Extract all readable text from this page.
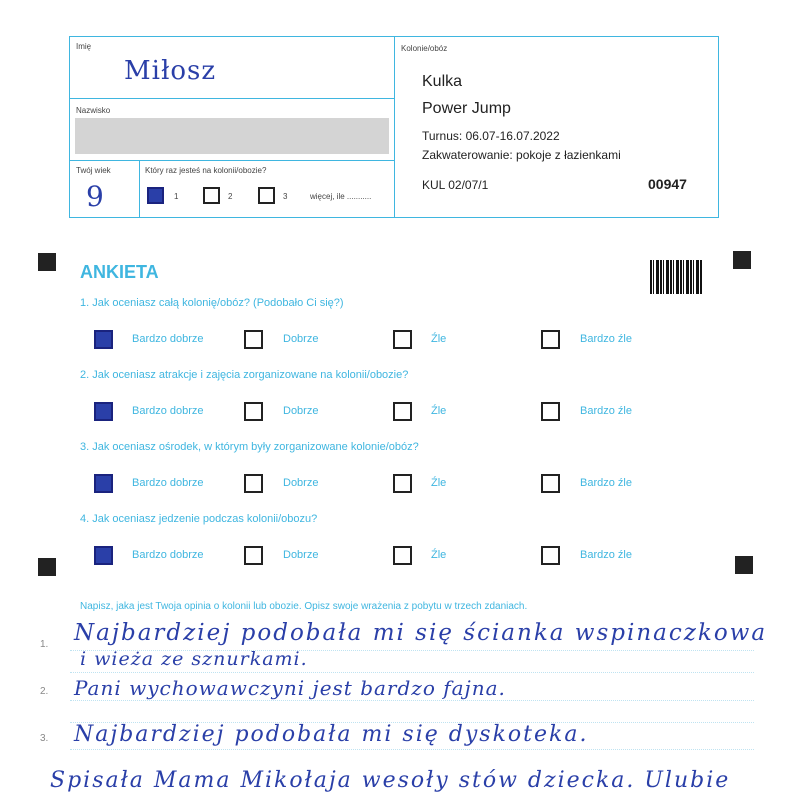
Imię
Miłosz
Nazwisko
Twój wiek
9
Który raz jesteś na kolonii/obozie?
1	2	3	więcej, ile ...........
Kolonie/obóz
Kulka
Power Jump
Turnus: 06.07-16.07.2022
Zakwaterowanie: pokoje z łazienkami
KUL 02/07/1	00947
ANKIETA
1. Jak oceniasz całą kolonię/obóz? (Podobało Ci się?)
2. Jak oceniasz atrakcje i zajęcia zorganizowane na kolonii/obozie?
3. Jak oceniasz ośrodek, w którym były zorganizowane kolonie/obóz?
4. Jak oceniasz jedzenie podczas kolonii/obozu?
Bardzo dobrze	Dobrze	Źle	Bardzo źle
Bardzo dobrze	Dobrze	Źle	Bardzo źle
Bardzo dobrze	Dobrze	Źle	Bardzo źle
Bardzo dobrze	Dobrze	Źle	Bardzo źle
Napisz, jaka jest Twoja opinia o kolonii lub obozie. Opisz swoje wrażenia z pobytu w trzech zdaniach.
1.
2.
3.
Najbardziej podobała mi się ścianka wspinaczkowa
i wieża ze sznurkami.
Pani wychowawczyni jest bardzo fajna.
Najbardziej podobała mi się dyskoteka.
Spisała Mama Mikołaja wesoły stów dziecka. Ulubie
